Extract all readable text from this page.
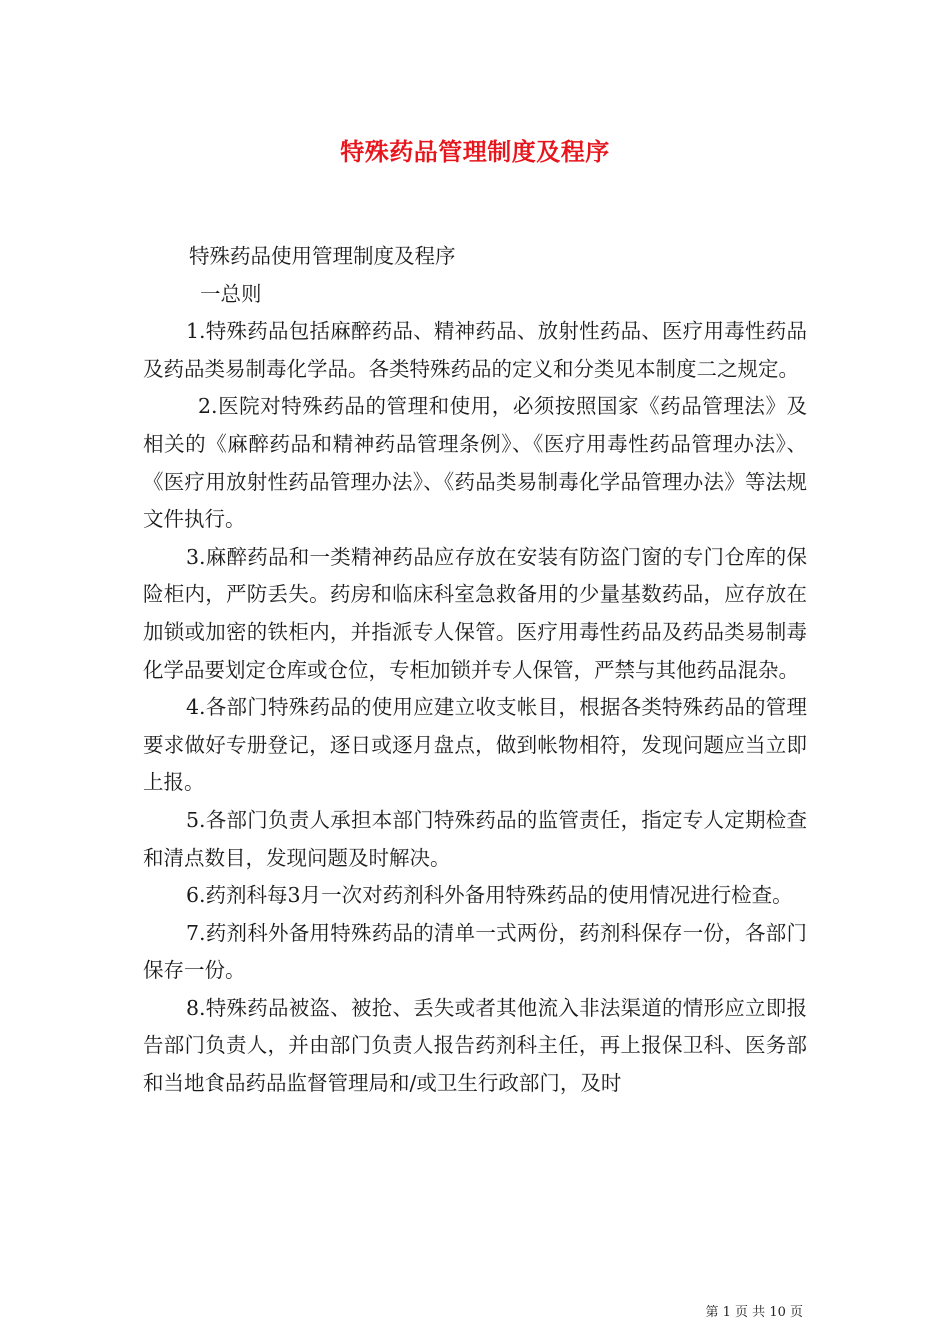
特殊药品管理制度及程序

特殊药品使用管理制度及程序

一总则

1.特殊药品包括麻醉药品、精神药品、放射性药品、医疗用毒性药品及药品类易制毒化学品。各类特殊药品的定义和分类见本制度二之规定。

2.医院对特殊药品的管理和使用，必须按照国家《药品管理法》及相关的《麻醉药品和精神药品管理条例》、《医疗用毒性药品管理办法》、《医疗用放射性药品管理办法》、《药品类易制毒化学品管理办法》等法规文件执行。

3.麻醉药品和一类精神药品应存放在安装有防盗门窗的专门仓库的保险柜内，严防丢失。药房和临床科室急救备用的少量基数药品，应存放在加锁或加密的铁柜内，并指派专人保管。医疗用毒性药品及药品类易制毒化学品要划定仓库或仓位，专柜加锁并专人保管，严禁与其他药品混杂。

4.各部门特殊药品的使用应建立收支帐目，根据各类特殊药品的管理要求做好专册登记，逐日或逐月盘点，做到帐物相符，发现问题应当立即上报。

5.各部门负责人承担本部门特殊药品的监管责任，指定专人定期检查和清点数目，发现问题及时解决。

6.药剂科每3月一次对药剂科外备用特殊药品的使用情况进行检查。

7.药剂科外备用特殊药品的清单一式两份，药剂科保存一份，各部门保存一份。

8.特殊药品被盗、被抢、丢失或者其他流入非法渠道的情形应立即报告部门负责人，并由部门负责人报告药剂科主任，再上报保卫科、医务部和当地食品药品监督管理局和/或卫生行政部门，及时

第 1 页 共 10 页
